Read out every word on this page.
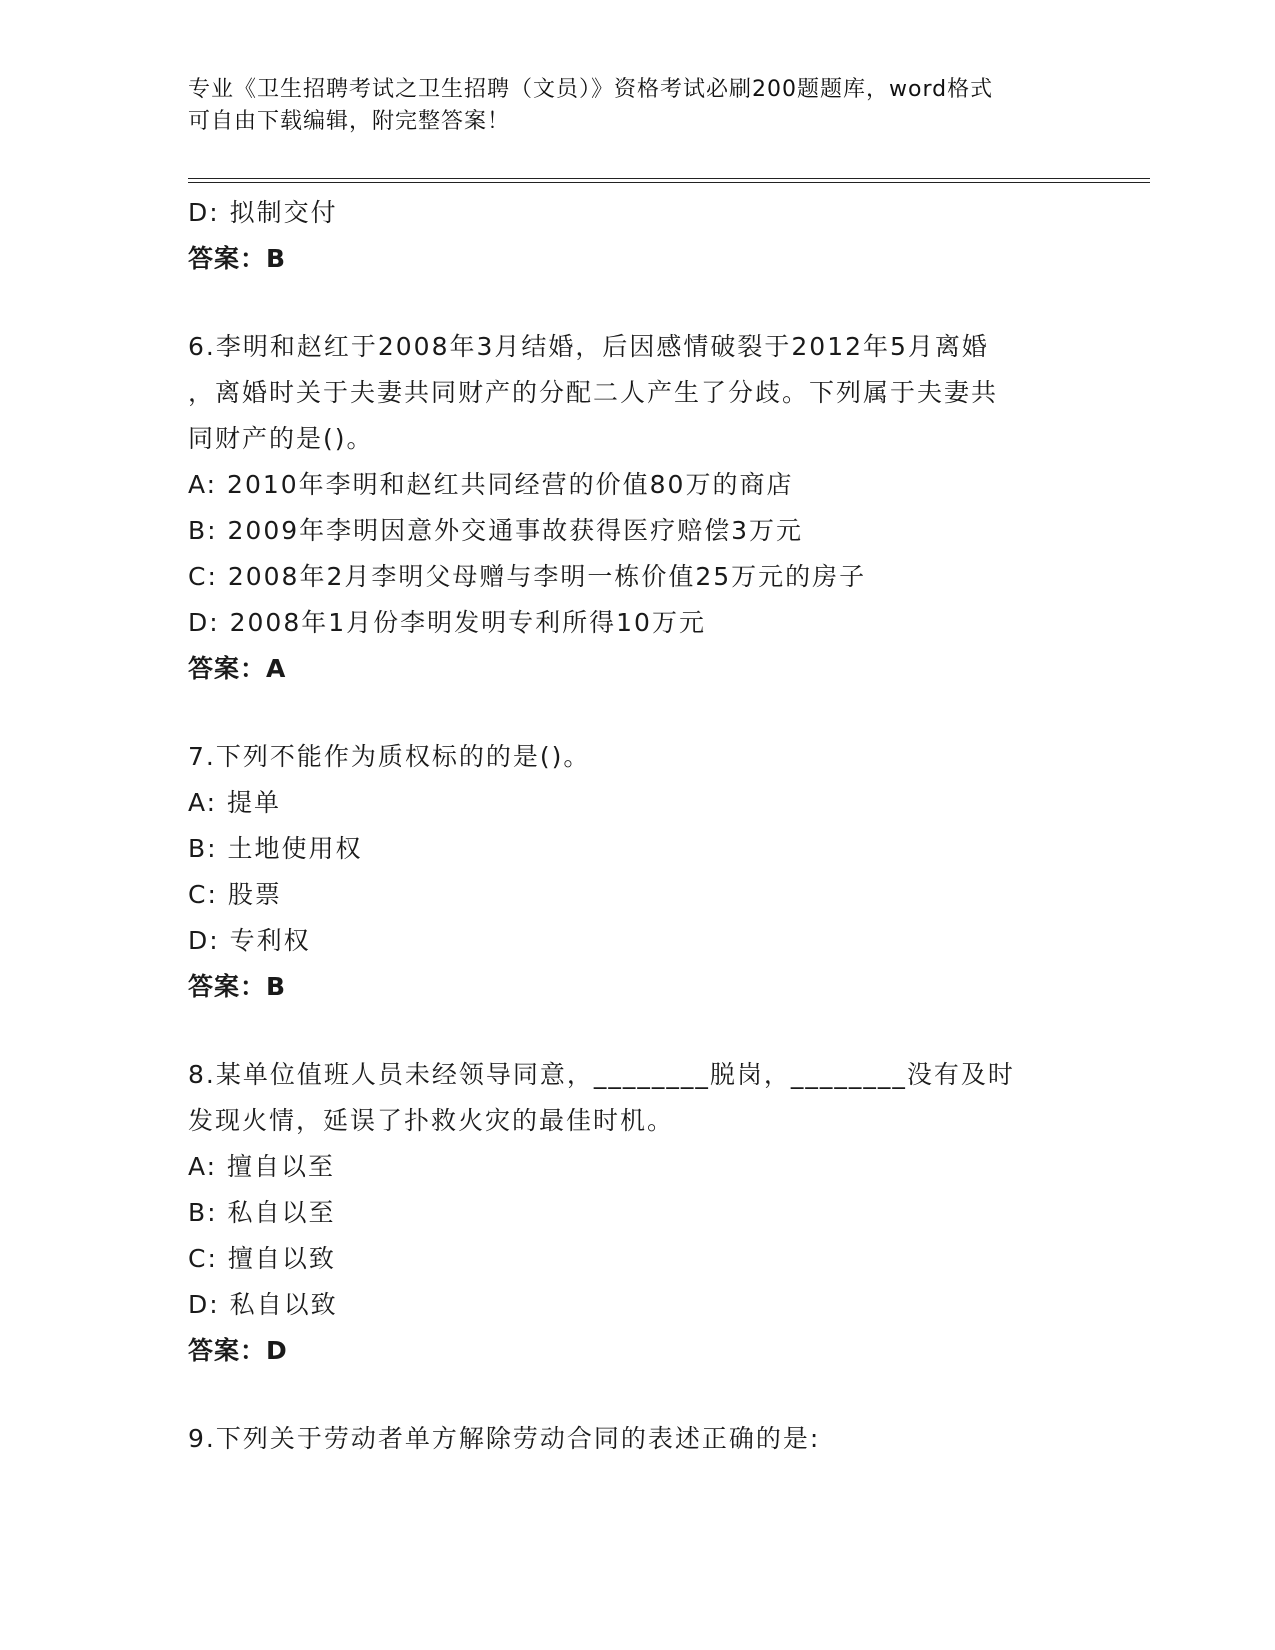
专业《卫生招聘考试之卫生招聘（文员）》资格考试必刷200题题库，word格式
可自由下载编辑，附完整答案！
D: 拟制交付
答案：B
6.李明和赵红于2008年3月结婚，后因感情破裂于2012年5月离婚
，离婚时关于夫妻共同财产的分配二人产生了分歧。下列属于夫妻共
同财产的是()。
A: 2010年李明和赵红共同经营的价值80万的商店
B: 2009年李明因意外交通事故获得医疗赔偿3万元
C: 2008年2月李明父母赠与李明一栋价值25万元的房子
D: 2008年1月份李明发明专利所得10万元
答案：A
7.下列不能作为质权标的的是()。
A: 提单
B: 土地使用权
C: 股票
D: 专利权
答案：B
8.某单位值班人员未经领导同意，________脱岗，________没有及时
发现火情，延误了扑救火灾的最佳时机。
A: 擅自以至
B: 私自以至
C: 擅自以致
D: 私自以致
答案：D
9.下列关于劳动者单方解除劳动合同的表述正确的是:
